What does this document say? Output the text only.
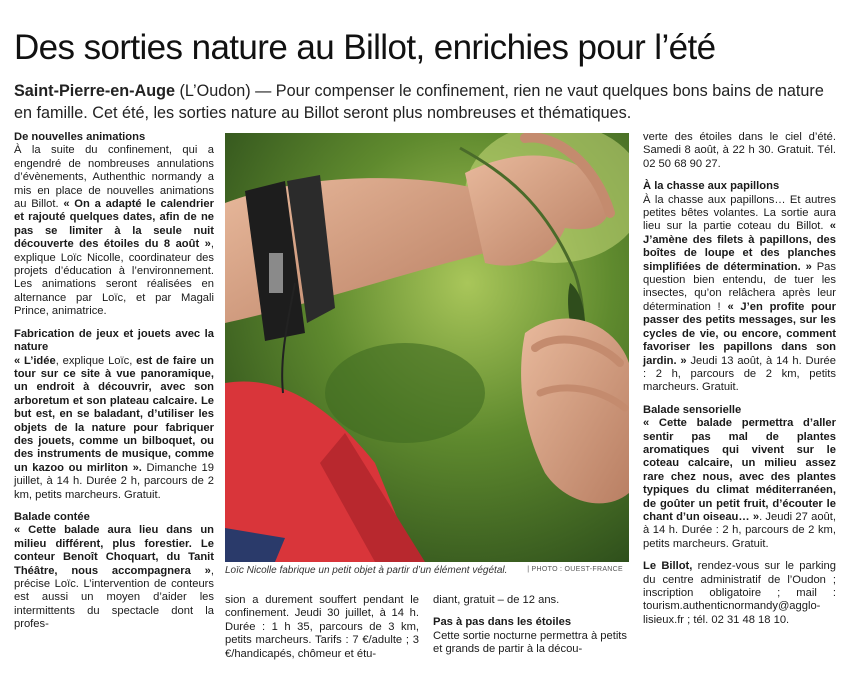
Des sorties nature au Billot, enrichies pour l’été
Saint-Pierre-en-Auge (L’Oudon) — Pour compenser le confinement, rien ne vaut quelques bons bains de nature en famille. Cet été, les sorties nature au Billot seront plus nombreuses et thématiques.

De nouvelles animations

À la suite du confinement, qui a engendré de nombreuses annulations d’évènements, Authenthic normandy a mis en place de nouvelles animations au Billot. « On a adapté le calendrier et rajouté quelques dates, afin de ne pas se limiter à la seule nuit découverte des étoiles du 8 août », explique Loïc Nicolle, coordinateur des projets d’éducation à l’environnement. Les animations seront réalisées en alternance par Loïc, et par Magali Prince, animatrice.

Fabrication de jeux et jouets avec la nature

« L’idée, explique Loïc, est de faire un tour sur ce site à vue panoramique, un endroit à découvrir, avec son arboretum et son plateau calcaire. Le but est, en se baladant, d’utiliser les objets de la nature pour fabriquer des jouets, comme un bilboquet, ou des instruments de musique, comme un kazoo ou mirliton ». Dimanche 19 juillet, à 14 h. Durée 2 h, parcours de 2 km, petits marcheurs. Gratuit.

Balade contée

« Cette balade aura lieu dans un milieu différent, plus forestier. Le conteur Benoît Choquart, du Tanit Théâtre, nous accompagnera », précise Loïc. L’intervention de conteurs est aussi un moyen d’aider les intermittents du spectacle dont la profes-

Loïc Nicolle fabrique un petit objet à partir d’un élément végétal.	| PHOTO : OUEST-FRANCE

sion a durement souffert pendant le confinement. Jeudi 30 juillet, à 14 h. Durée : 1 h 35, parcours de 3 km, petits marcheurs. Tarifs : 7 €/adulte ; 3 €/handicapés, chômeur et étu-

diant, gratuit – de 12 ans.

Pas à pas dans les étoiles

Cette sortie nocturne permettra à petits et grands de partir à la décou-

verte des étoiles dans le ciel d’été. Samedi 8 août, à 22 h 30. Gratuit. Tél. 02 50 68 90 27.

À la chasse aux papillons

À la chasse aux papillons… Et autres petites bêtes volantes. La sortie aura lieu sur la partie coteau du Billot. « J’amène des filets à papillons, des boîtes de loupe et des planches simplifiées de détermination. » Pas question bien entendu, de tuer les insectes, qu’on relâchera après leur détermination ! « J’en profite pour passer des petits messages, sur les cycles de vie, ou encore, comment favoriser les papillons dans son jardin. » Jeudi 13 août, à 14 h. Durée : 2 h, parcours de 2 km, petits marcheurs. Gratuit.

Balade sensorielle

« Cette balade permettra d’aller sentir pas mal de plantes aromatiques qui vivent sur le coteau calcaire, un milieu assez rare chez nous, avec des plantes typiques du climat méditerranéen, de goûter un petit fruit, d’écouter le chant d’un oiseau… ». Jeudi 27 août, à 14 h. Durée : 2 h, parcours de 2 km, petits marcheurs. Gratuit.

Le Billot, rendez-vous sur le parking du centre administratif de l’Oudon ; inscription obligatoire ; mail : tourism.authenticnormandy@agglo-lisieux.fr ; tél. 02 31 48 18 10.
